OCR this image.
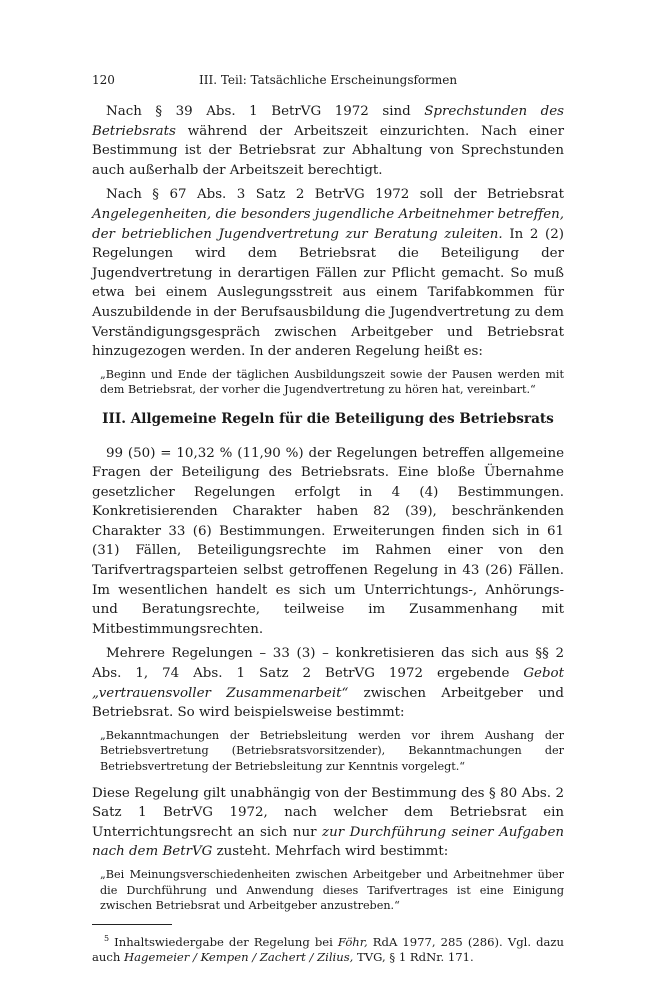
120	III. Teil: Tatsächliche Erscheinungsformen

Nach § 39 Abs. 1 BetrVG 1972 sind Sprechstunden des Betriebsrats während der Arbeitszeit einzurichten. Nach einer Bestimmung ist der Betriebsrat zur Abhaltung von Sprechstunden auch außerhalb der Arbeitszeit berechtigt.

Nach § 67 Abs. 3 Satz 2 BetrVG 1972 soll der Betriebsrat Angelegenheiten, die besonders jugendliche Arbeitnehmer betreffen, der betrieblichen Jugendvertretung zur Beratung zuleiten. In 2 (2) Regelungen wird dem Betriebsrat die Beteiligung der Jugendvertretung in derartigen Fällen zur Pflicht gemacht. So muß etwa bei einem Auslegungsstreit aus einem Tarifabkommen für Auszubildende in der Berufsausbildung die Jugendvertretung zu dem Verständigungsgespräch zwischen Arbeitgeber und Betriebsrat hinzugezogen werden. In der anderen Regelung heißt es:

„Beginn und Ende der täglichen Ausbildungszeit sowie der Pausen werden mit dem Betriebsrat, der vorher die Jugendvertretung zu hören hat, vereinbart.“
III. Allgemeine Regeln für die Beteiligung des Betriebsrats

99 (50) = 10,32 % (11,90 %) der Regelungen betreffen allgemeine Fragen der Beteiligung des Betriebsrats. Eine bloße Übernahme gesetzlicher Regelungen erfolgt in 4 (4) Bestimmungen. Konkretisierenden Charakter haben 82 (39), beschränkenden Charakter 33 (6) Bestimmungen. Erweiterungen finden sich in 61 (31) Fällen, Beteiligungsrechte im Rahmen einer von den Tarifvertragsparteien selbst getroffenen Regelung in 43 (26) Fällen. Im wesentlichen handelt es sich um Unterrichtungs-, Anhörungs- und Beratungsrechte, teilweise im Zusammenhang mit Mitbestimmungsrechten.

Mehrere Regelungen – 33 (3) – konkretisieren das sich aus §§ 2 Abs. 1, 74 Abs. 1 Satz 2 BetrVG 1972 ergebende Gebot „vertrauensvoller Zusammenarbeit“ zwischen Arbeitgeber und Betriebsrat. So wird beispielsweise bestimmt:

„Bekanntmachungen der Betriebsleitung werden vor ihrem Aushang der Betriebsvertretung (Betriebsratsvorsitzender), Bekanntmachungen der Betriebsvertretung der Betriebsleitung zur Kenntnis vorgelegt.“

Diese Regelung gilt unabhängig von der Bestimmung des § 80 Abs. 2 Satz 1 BetrVG 1972, nach welcher dem Betriebsrat ein Unterrichtungsrecht an sich nur zur Durchführung seiner Aufgaben nach dem BetrVG zusteht. Mehrfach wird bestimmt:

„Bei Meinungsverschiedenheiten zwischen Arbeitgeber und Arbeitnehmer über die Durchführung und Anwendung dieses Tarifvertrages ist eine Einigung zwischen Betriebsrat und Arbeitgeber anzustreben.“
$^5$ Inhaltswiedergabe der Regelung bei Föhr, RdA 1977, 285 (286). Vgl. dazu auch Hagemeier / Kempen / Zachert / Zilius, TVG, § 1 RdNr. 171.
